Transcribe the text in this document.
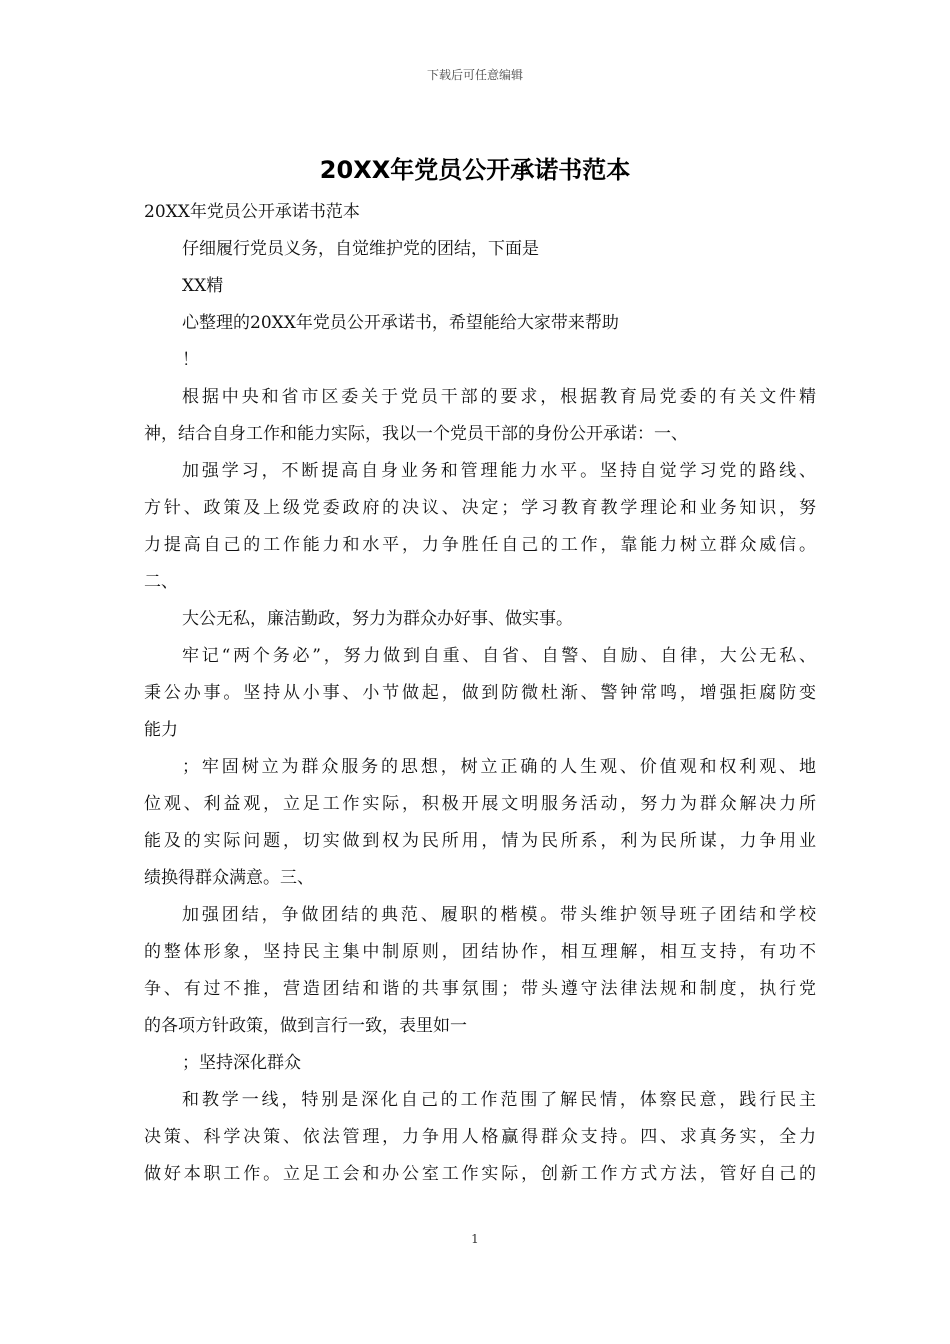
下载后可任意编辑
20XX年党员公开承诺书范本
20XX年党员公开承诺书范本
仔细履行党员义务，自觉维护党的团结，下面是
XX精
心整理的20XX年党员公开承诺书，希望能给大家带来帮助
！
根据中央和省市区委关于党员干部的要求，根据教育局党委的有关文件精
神，结合自身工作和能力实际，我以一个党员干部的身份公开承诺：一、
加强学习，不断提高自身业务和管理能力水平。坚持自觉学习党的路线、
方针、政策及上级党委政府的决议、决定；学习教育教学理论和业务知识，努
力提高自己的工作能力和水平，力争胜任自己的工作，靠能力树立群众威信。
二、
大公无私，廉洁勤政，努力为群众办好事、做实事。
牢记“两个务必”，努力做到自重、自省、自警、自励、自律，大公无私、
秉公办事。坚持从小事、小节做起，做到防微杜渐、警钟常鸣，增强拒腐防变
能力
；牢固树立为群众服务的思想，树立正确的人生观、价值观和权利观、地
位观、利益观，立足工作实际，积极开展文明服务活动，努力为群众解决力所
能及的实际问题，切实做到权为民所用，情为民所系，利为民所谋，力争用业
绩换得群众满意。三、
加强团结，争做团结的典范、履职的楷模。带头维护领导班子团结和学校
的整体形象，坚持民主集中制原则，团结协作，相互理解，相互支持，有功不
争、有过不推，营造团结和谐的共事氛围；带头遵守法律法规和制度，执行党
的各项方针政策，做到言行一致，表里如一
；坚持深化群众
和教学一线，特别是深化自己的工作范围了解民情，体察民意，践行民主
决策、科学决策、依法管理，力争用人格赢得群众支持。四、求真务实，全力
做好本职工作。立足工会和办公室工作实际，创新工作方式方法，管好自己的
1
